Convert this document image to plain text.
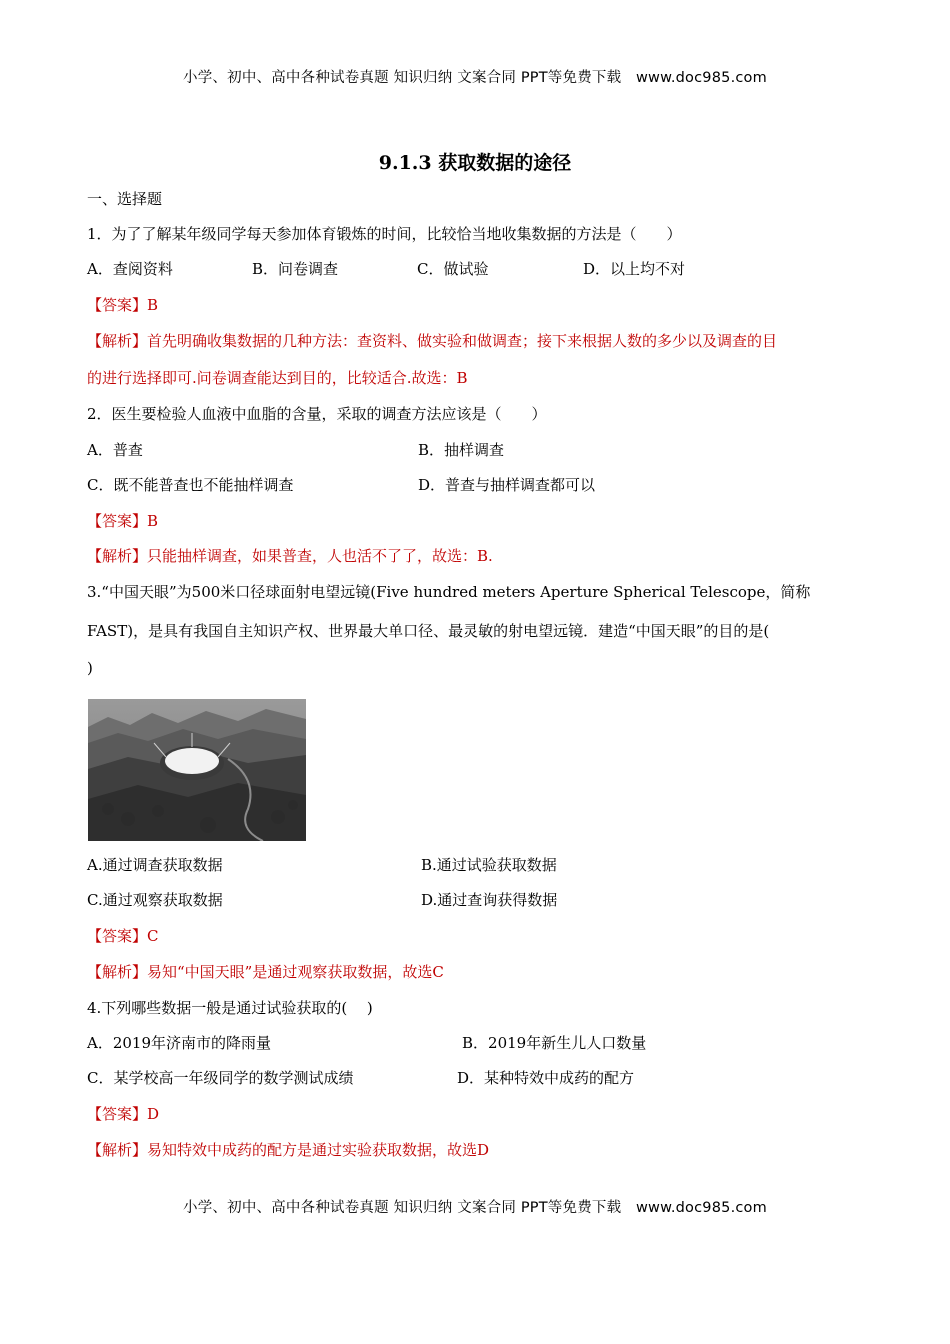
小学、初中、高中各种试卷真题 知识归纳 文案合同 PPT等免费下载　www.doc985.com
9.1.3 获取数据的途径
一、选择题
1．为了了解某年级同学每天参加体育锻炼的时间，比较恰当地收集数据的方法是（　　）
A．查阅资料	B．问卷调查	C．做试验	D．以上均不对
【答案】B
【解析】首先明确收集数据的几种方法：查资料、做实验和做调查；接下来根据人数的多少以及调查的目
的进行选择即可.问卷调查能达到目的，比较适合.故选：B
2．医生要检验人血液中血脂的含量，采取的调查方法应该是（　　）
A．普查	B．抽样调查
C．既不能普查也不能抽样调查	D．普查与抽样调查都可以
【答案】B
【解析】只能抽样调查，如果普查，人也活不了了，故选：B.
3.“中国天眼”为500米口径球面射电望远镜(Five hundred meters Aperture Spherical Telescope，简称
FAST)，是具有我国自主知识产权、世界最大单口径、最灵敏的射电望远镜．建造“中国天眼”的目的是(
)
A.通过调查获取数据	B.通过试验获取数据
C.通过观察获取数据	D.通过查询获得数据
【答案】C
【解析】易知“中国天眼”是通过观察获取数据，故选C
4.下列哪些数据一般是通过试验获取的(　 )
A．2019年济南市的降雨量	B．2019年新生儿人口数量
C．某学校高一年级同学的数学测试成绩	D．某种特效中成药的配方
【答案】D
【解析】易知特效中成药的配方是通过实验获取数据，故选D
小学、初中、高中各种试卷真题 知识归纳 文案合同 PPT等免费下载　www.doc985.com
